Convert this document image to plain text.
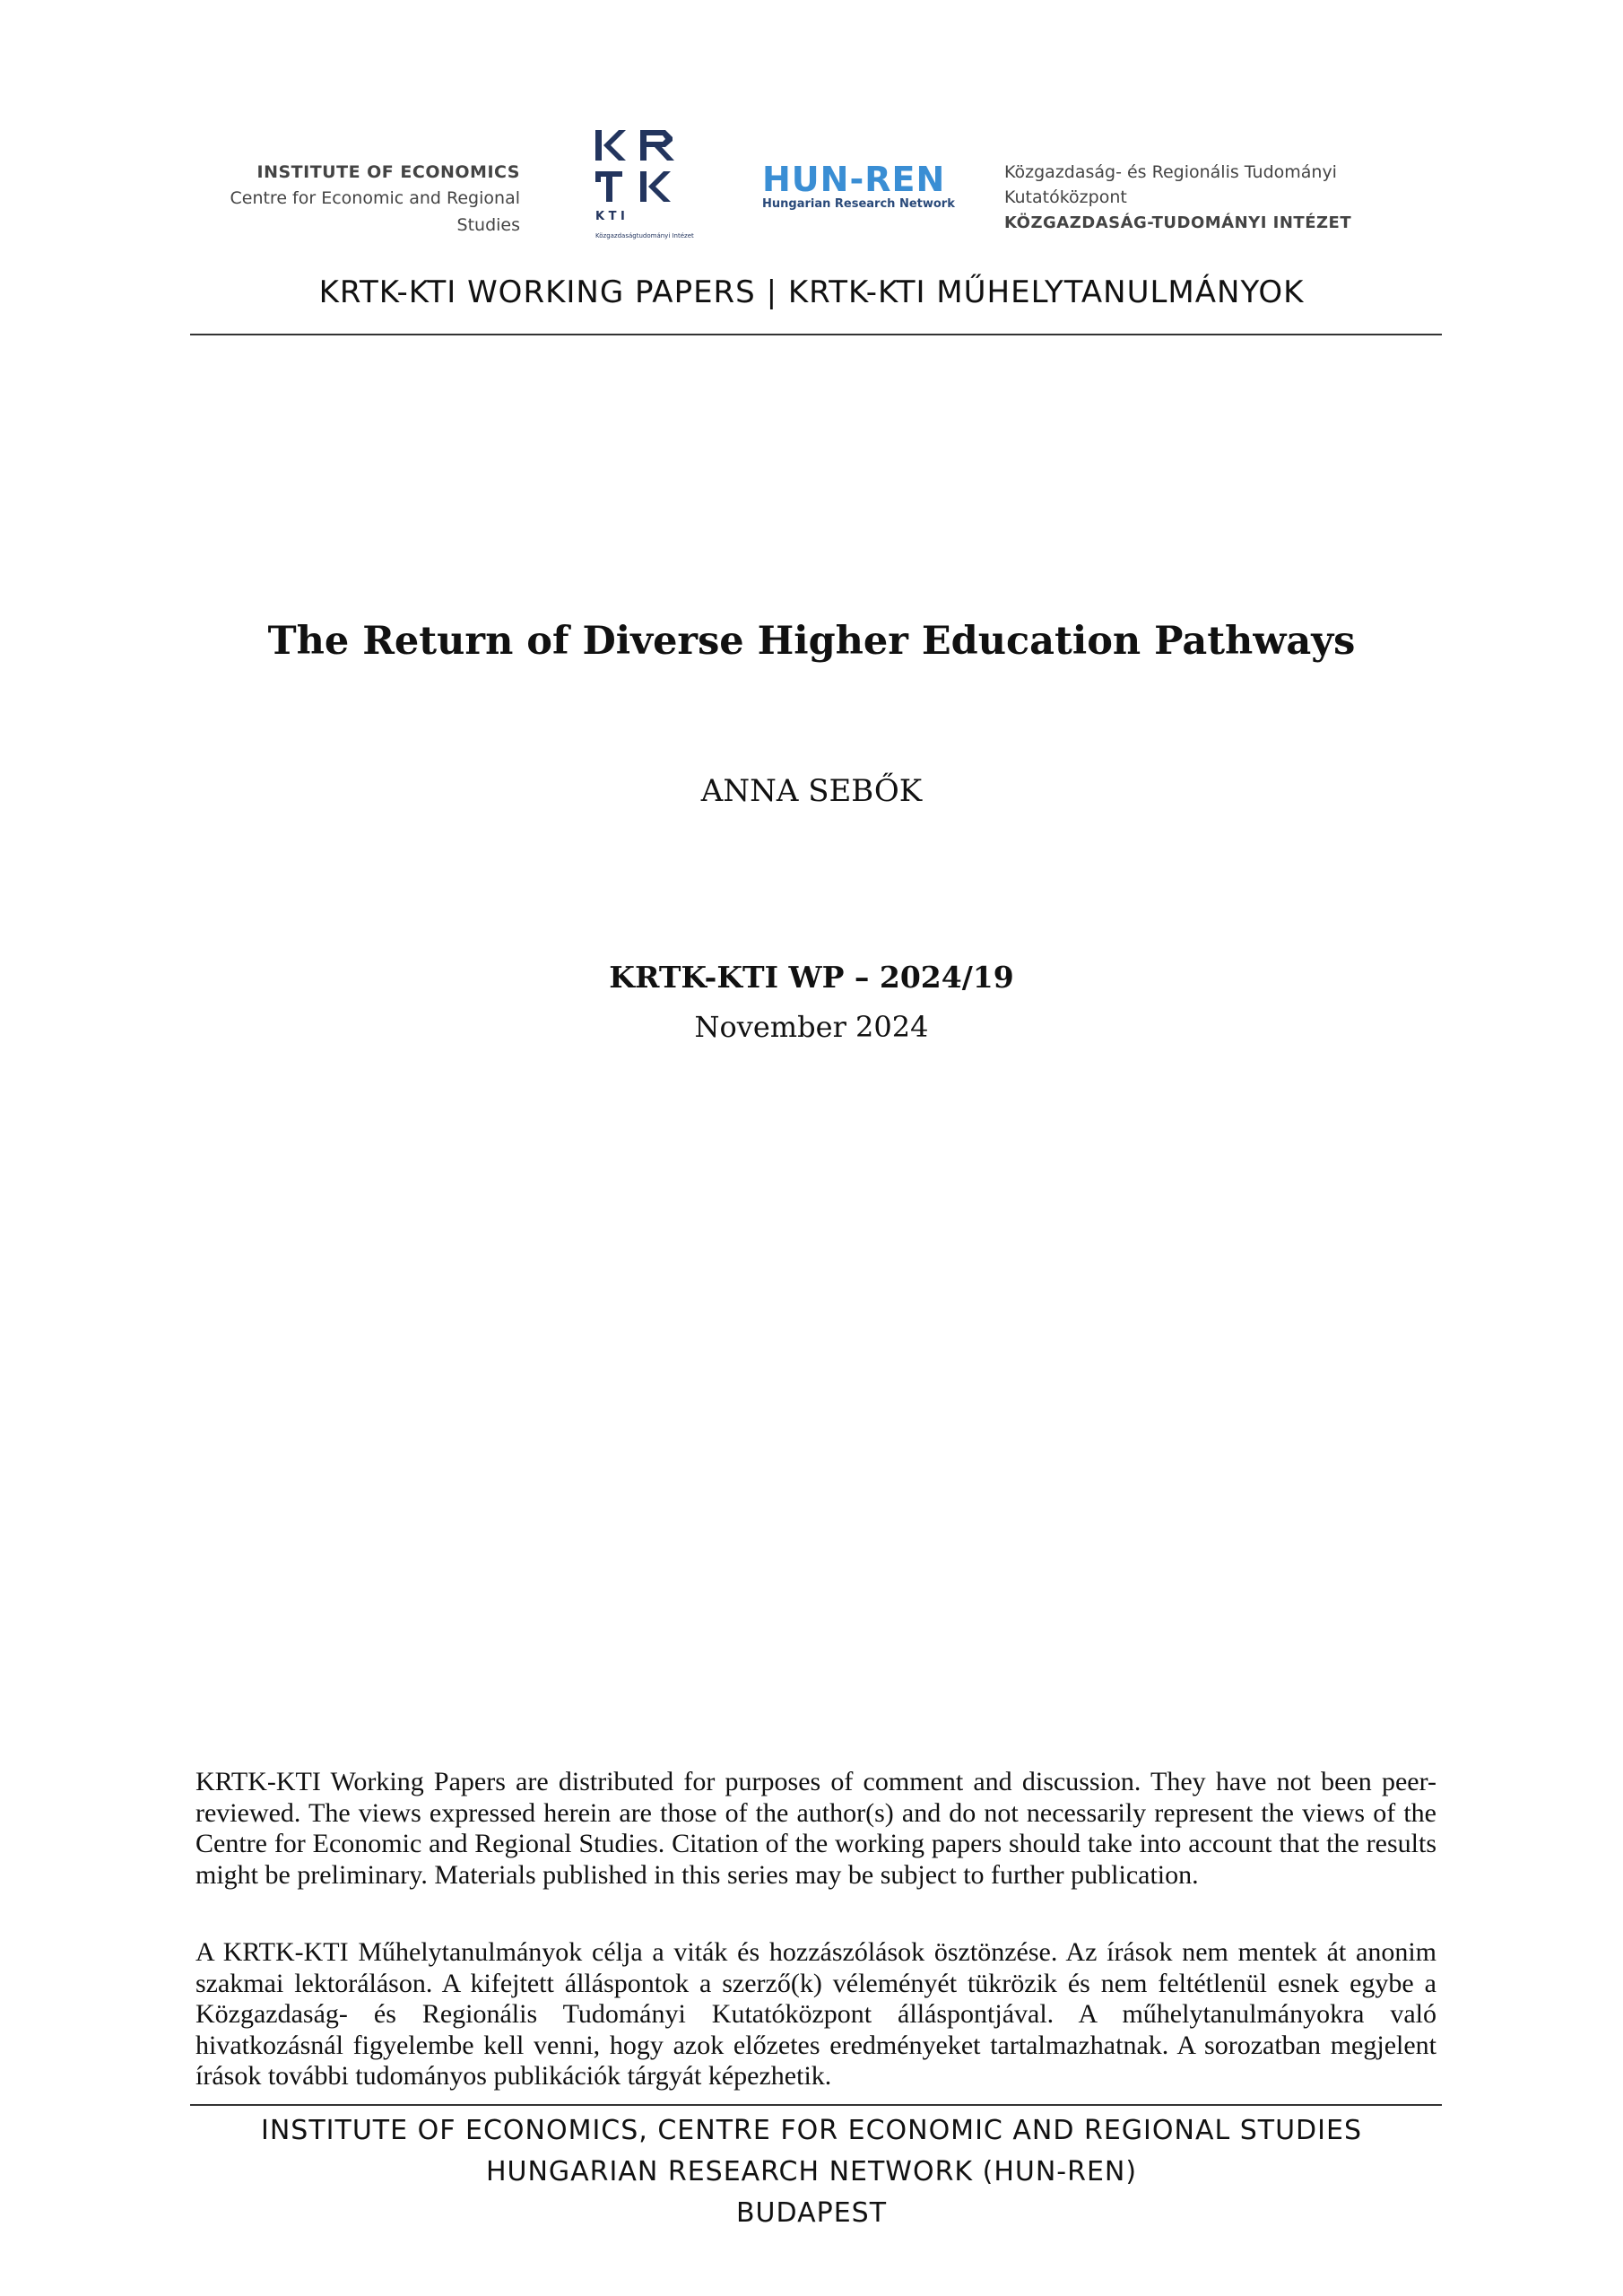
INSTITUTE OF ECONOMICS
Centre for Economic and Regional Studies	K T I
Közgazdaságtudományi Intézet
HUN-REN
Hungarian Research Network
Közgazdaság- és Regionális Tudományi Kutatóközpont
KÖZGAZDASÁG-TUDOMÁNYI INTÉZET
KRTK-KTI WORKING PAPERS | KRTK-KTI MŰHELYTANULMÁNYOK
The Return of Diverse Higher Education Pathways
ANNA SEBŐK
KRTK-KTI WP – 2024/19
November 2024
KRTK-KTI Working Papers are distributed for purposes of comment and discussion. They have not been peer-reviewed. The views expressed herein are those of the author(s) and do not necessarily represent the views of the Centre for Economic and Regional Studies. Citation of the working papers should take into account that the results might be preliminary. Materials published in this series may be subject to further publication.
A KRTK-KTI Műhelytanulmányok célja a viták és hozzászólások ösztönzése. Az írások nem mentek át anonim szakmai lektoráláson. A kifejtett álláspontok a szerző(k) véleményét tükrözik és nem feltétlenül esnek egybe a Közgazdaság- és Regionális Tudományi Kutatóközpont álláspontjával. A műhelytanulmányokra való hivatkozásnál figyelembe kell venni, hogy azok előzetes eredményeket tartalmazhatnak. A sorozatban megjelent írások további tudományos publikációk tárgyát képezhetik.
INSTITUTE OF ECONOMICS, CENTRE FOR ECONOMIC AND REGIONAL STUDIES
HUNGARIAN RESEARCH NETWORK (HUN-REN)
BUDAPEST
